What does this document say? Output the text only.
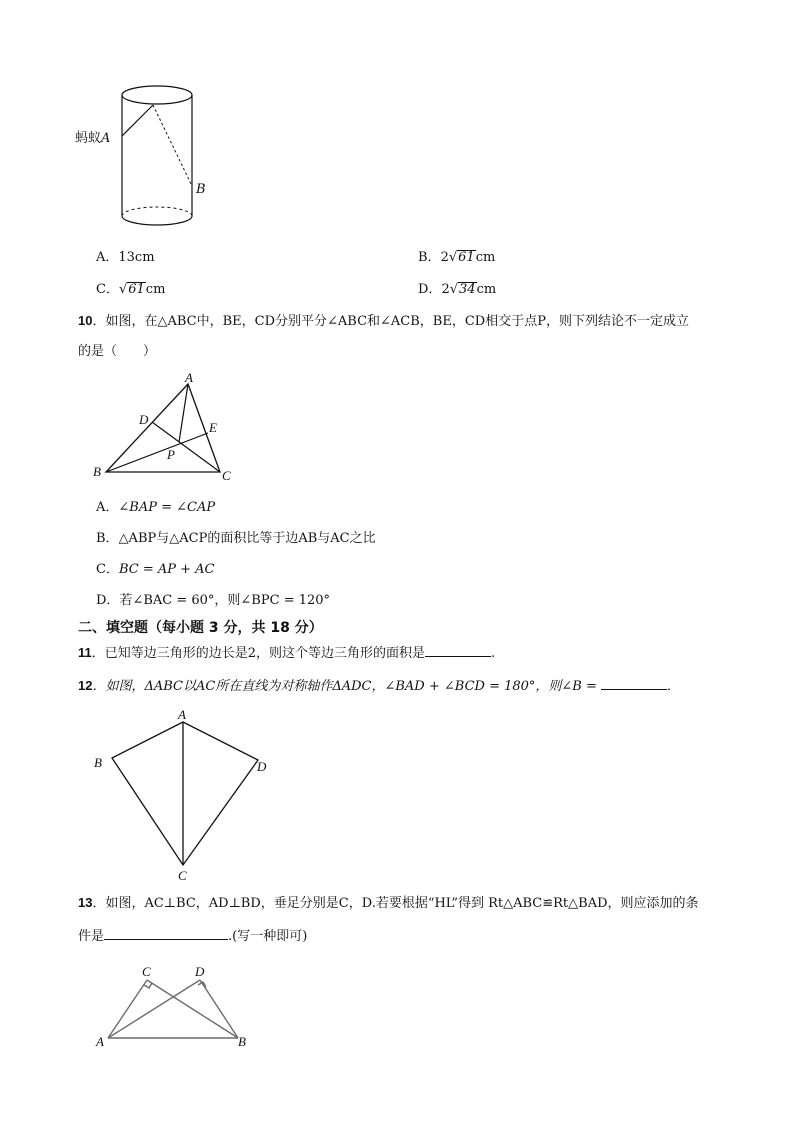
蚂蚁A
B
A．13cm	B．2√61cm
C．√61cm	D．2√34cm
10．如图，在△ABC中，BE，CD分别平分∠ABC和∠ACB，BE，CD相交于点P，则下列结论不一定成立
的是（　　）
A
B	C
D
E
P
A．∠BAP = ∠CAP
B．△ABP与△ACP的面积比等于边AB与AC之比
C．BC = AP + AC
D．若∠BAC = 60°，则∠BPC = 120°
二、填空题（每小题 3 分，共 18 分）
11．已知等边三角形的边长是2，则这个等边三角形的面积是	.
12．如图，ΔABC以AC所在直线为对称轴作ΔADC，∠BAD + ∠BCD = 180°，则∠B =	．
A
B
C
D
13．如图，AC⊥BC，AD⊥BD，垂足分别是C，D.若要根据“HL”得到 Rt△ABC≌Rt△BAD，则应添加的条
件是	.(写一种即可)
A	B
C	D
